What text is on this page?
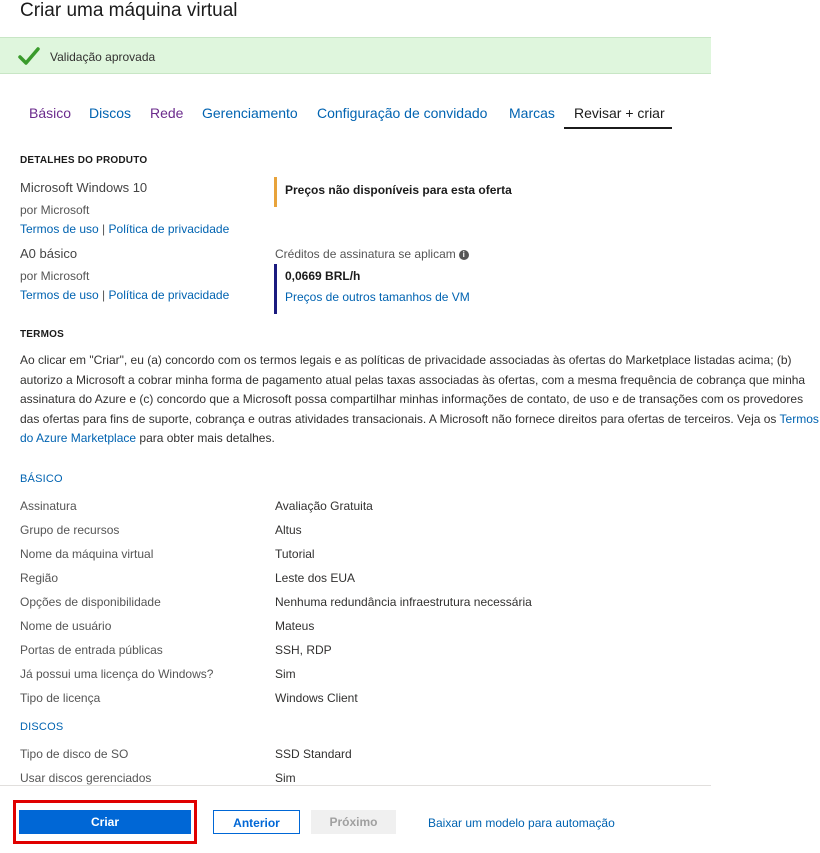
Criar uma máquina virtual
Validação aprovada
Básico Discos Rede Gerenciamento Configuração de convidado Marcas Revisar + criar
DETALHES DO PRODUTO
Microsoft Windows 10
por Microsoft
Termos de uso | Política de privacidade
Preços não disponíveis para esta oferta
A0 básico
por Microsoft
Termos de uso | Política de privacidade
Créditos de assinatura se aplicam i
0,0669 BRL/h
Preços de outros tamanhos de VM
TERMOS
Ao clicar em "Criar", eu (a) concordo com os termos legais e as políticas de privacidade associadas às ofertas do Marketplace listadas acima; (b) autorizo a Microsoft a cobrar minha forma de pagamento atual pelas taxas associadas às ofertas, com a mesma frequência de cobrança que minha assinatura do Azure e (c) concordo que a Microsoft possa compartilhar minhas informações de contato, de uso e de transações com os provedores das ofertas para fins de suporte, cobrança e outras atividades transacionais. A Microsoft não fornece direitos para ofertas de terceiros. Veja os Termos do Azure Marketplace para obter mais detalhes.
BÁSICO
Assinatura	Avaliação Gratuita
Grupo de recursos	Altus
Nome da máquina virtual	Tutorial
Região	Leste dos EUA
Opções de disponibilidade	Nenhuma redundância infraestrutura necessária
Nome de usuário	Mateus
Portas de entrada públicas	SSH, RDP
Já possui uma licença do Windows?	Sim
Tipo de licença	Windows Client
DISCOS
Tipo de disco de SO	SSD Standard
Usar discos gerenciados	Sim
Criar	Anterior	Próximo	Baixar um modelo para automação
